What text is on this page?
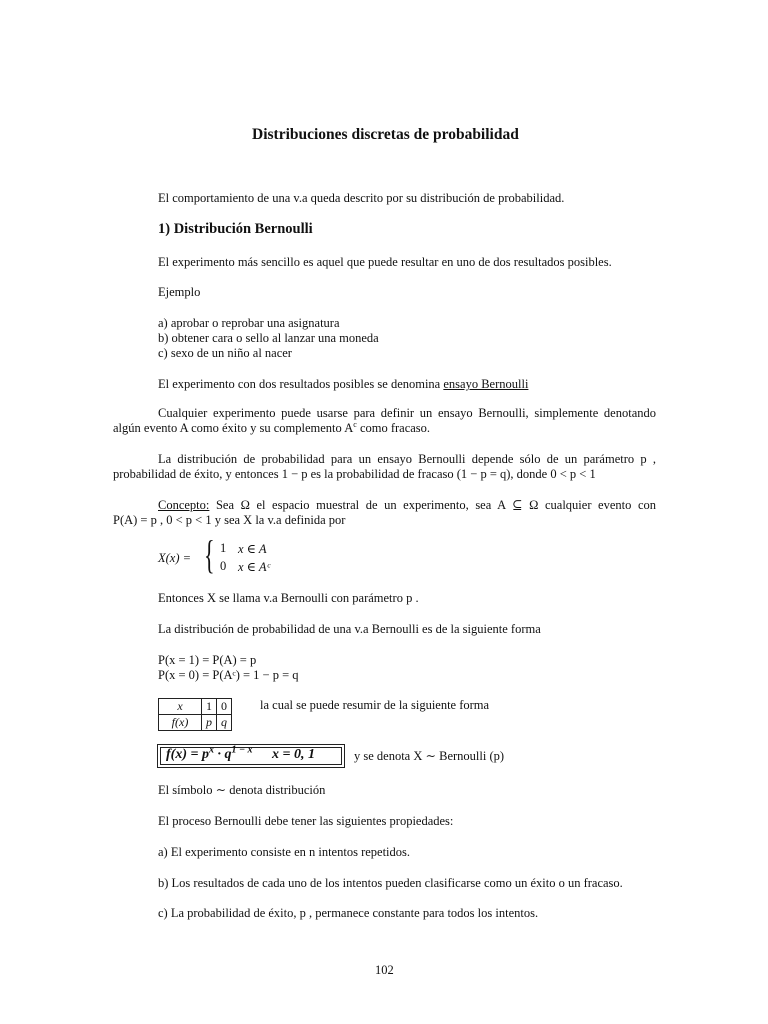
Distribuciones discretas de probabilidad
El comportamiento de una v.a queda descrito por su distribución de probabilidad.
1) Distribución Bernoulli
El experimento más sencillo es aquel que puede resultar en uno de dos resultados posibles.
Ejemplo
a) aprobar o reprobar una asignatura
b) obtener cara o sello al lanzar una moneda
c) sexo de un niño al nacer
El experimento con dos resultados posibles se denomina ensayo Bernoulli
Cualquier experimento puede usarse para definir un ensayo Bernoulli, simplemente denotando
algún evento A como éxito y su complemento $A^c$ como fracaso.
La distribución de probabilidad para un ensayo Bernoulli depende sólo de un parámetro p ,
probabilidad de éxito, y entonces 1 − p es la probabilidad de fracaso (1 − p = q), donde 0 < p < 1
Concepto: Sea Ω el espacio muestral de un experimento, sea A ⊆ Ω cualquier evento con
P(A) = p , 0 < p < 1 y sea X la v.a definida por
X(x) = { 1 x ∈ A
0 x ∈ Aᶜ
Entonces X se llama v.a Bernoulli con parámetro p .
La distribución de probabilidad de una v.a Bernoulli es de la siguiente forma
P(x = 1) = P(A) = p
P(x = 0) = P(Aᶜ) = 1 − p = q
x	1	0
f(x)	p	q
la cual se puede resumir de la siguiente forma
$f(x) = p^x \cdot q^{1 - x}$ x = 0, 1	y se denota X ∼ Bernoulli (p)
El símbolo ∼ denota distribución
El proceso Bernoulli debe tener las siguientes propiedades:
a) El experimento consiste en n intentos repetidos.
b) Los resultados de cada uno de los intentos pueden clasificarse como un éxito o un fracaso.
c) La probabilidad de éxito, p , permanece constante para todos los intentos.
102
